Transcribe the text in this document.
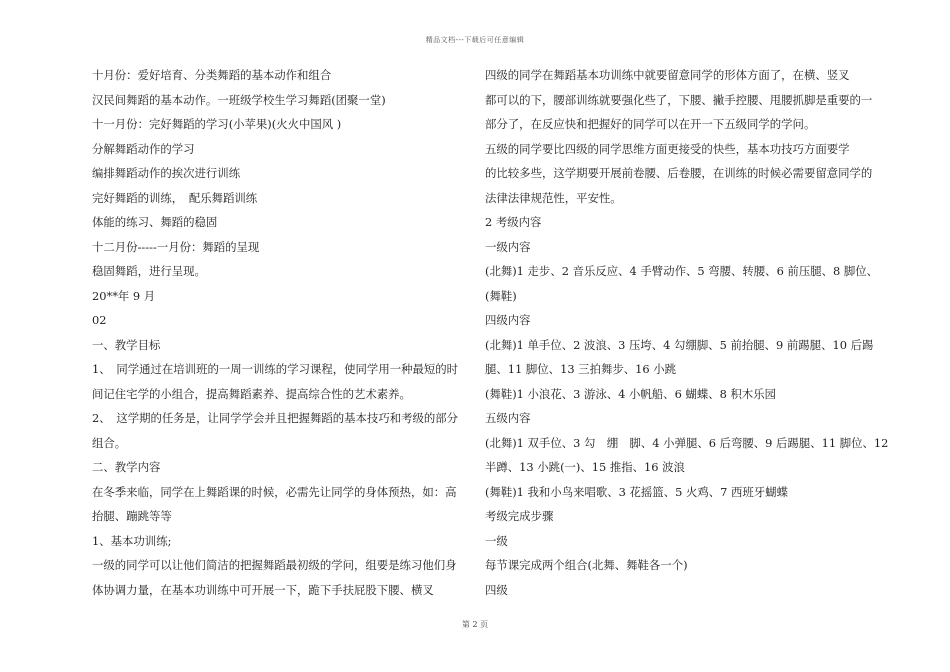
精品文档---下载后可任意编辑
十月份：爱好培育、分类舞蹈的基本动作和组合
汉民间舞蹈的基本动作。一班级学校生学习舞蹈(团聚一堂)
十一月份：完好舞蹈的学习(小苹果)(火火中国风 )
分解舞蹈动作的学习
编排舞蹈动作的挨次进行训练
完好舞蹈的训练，　配乐舞蹈训练
体能的练习、舞蹈的稳固
十二月份-----一月份：舞蹈的呈现
稳固舞蹈，进行呈现。
20**年 9 月
02
一、教学目标
1、　同学通过在培训班的一周一训练的学习课程，使同学用一种最短的时
间记住宅学的小组合，提高舞蹈素养、提高综合性的艺术素养。
2、　这学期的任务是，让同学学会并且把握舞蹈的基本技巧和考级的部分
组合。
二、教学内容
在冬季来临，同学在上舞蹈课的时候，必需先让同学的身体预热，如：高
抬腿、蹦跳等等
1、基本功训练;
一级的同学可以让他们简洁的把握舞蹈最初级的学问，组要是练习他们身
体协调力量，在基本功训练中可开展一下，跪下手扶屁股下腰、横叉
四级的同学在舞蹈基本功训练中就要留意同学的形体方面了，在横、竖叉
都可以的下，腰部训练就要强化些了，下腰、撇手控腰、甩腰抓脚是重要的一
部分了，在反应快和把握好的同学可以在开一下五级同学的学问。
五级的同学要比四级的同学思维方面更接受的快些，基本功技巧方面要学
的比较多些，这学期要开展前卷腰、后卷腰，在训练的时候必需要留意同学的
法律法律规范性，平安性。
2 考级内容
一级内容
(北舞)1 走步、2 音乐反应、4 手臂动作、5 弯腰、转腰、6 前压腿、8 脚位、
(舞鞋)
四级内容
(北舞)1 单手位、2 波浪、3 压垮、4 勾绷脚、5 前抬腿、9 前踢腿、10 后踢
腿、11 脚位、13 三拍舞步、16 小跳
(舞鞋)1 小浪花、3 游泳、4 小帆船、6 蝴蝶、8 积木乐园
五级内容
(北舞)1 双手位、3 勾　绷　脚、4 小弹腿、6 后弯腰、9 后踢腿、11 脚位、12
半蹲、13 小跳(一)、15 推指、16 波浪
(舞鞋)1 我和小鸟来唱歌、3 花摇篮、5 火鸡、7 西班牙蝴蝶
考级完成步骤
一级
每节课完成两个组合(北舞、舞鞋各一个)
四级
第 2 页
